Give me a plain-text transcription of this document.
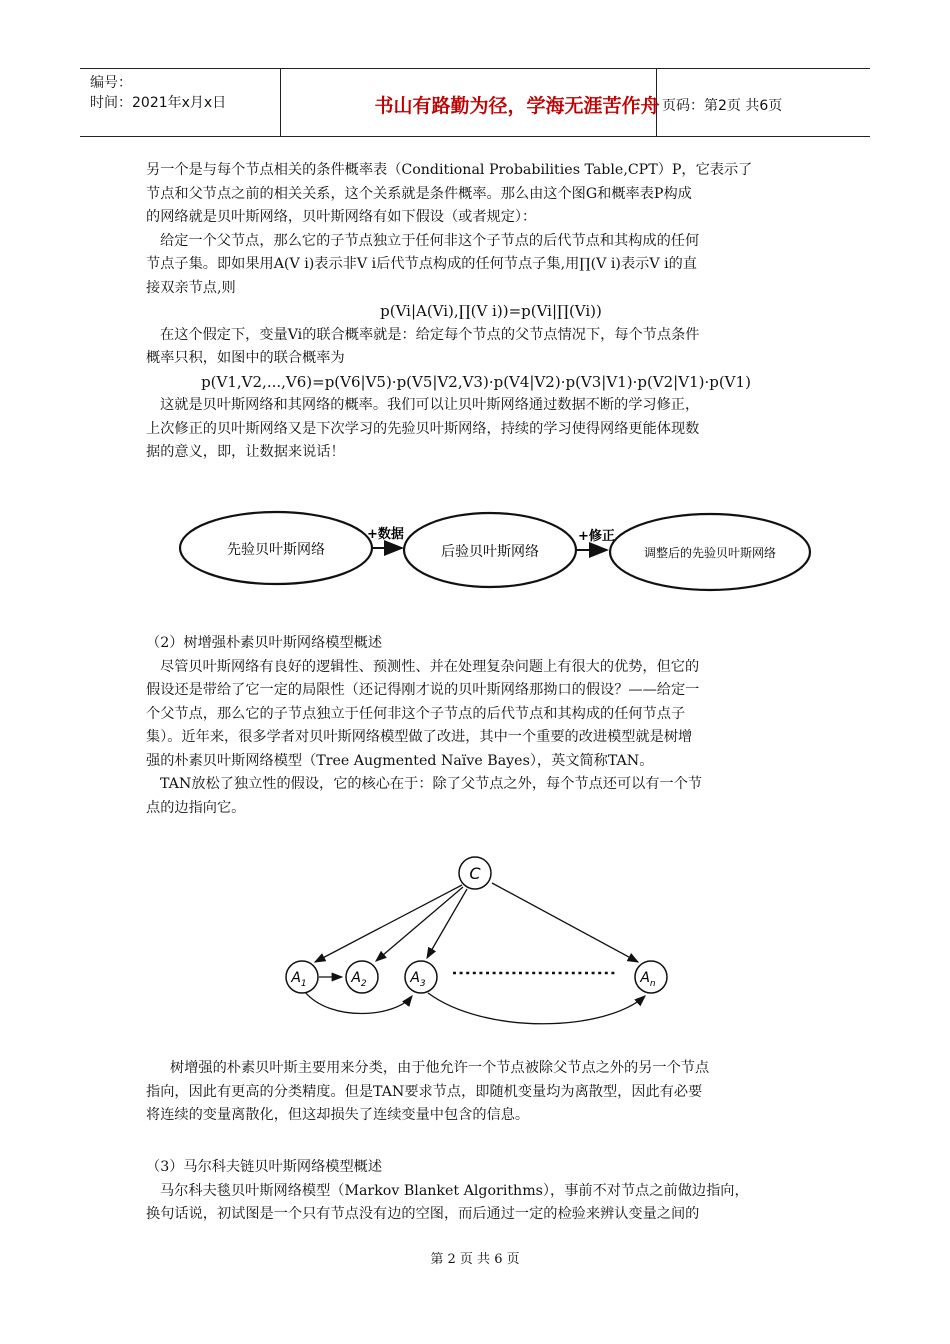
编号：
时间：2021年x月x日	书山有路勤为径，学海无涯苦作舟 页码：第2页 共6页

另一个是与每个节点相关的条件概率表（Conditional Probabilities Table,CPT）P，它表示了

节点和父节点之前的相关关系，这个关系就是条件概率。那么由这个图G和概率表P构成

的网络就是贝叶斯网络，贝叶斯网络有如下假设（或者规定）：

给定一个父节点，那么它的子节点独立于任何非这个子节点的后代节点和其构成的任何

节点子集。即如果用A(V i)表示非V i后代节点构成的任何节点子集,用∏(V i)表示V i的直

接双亲节点,则

p(Vi|A(Vi),∏(V i))=p(Vi|∏(Vi))

在这个假定下，变量Vi的联合概率就是：给定每个节点的父节点情况下，每个节点条件

概率只积，如图中的联合概率为

p(V1,V2,...,V6)=p(V6|V5)·p(V5|V2,V3)·p(V4|V2)·p(V3|V1)·p(V2|V1)·p(V1)

这就是贝叶斯网络和其网络的概率。我们可以让贝叶斯网络通过数据不断的学习修正，

上次修正的贝叶斯网络又是下次学习的先验贝叶斯网络，持续的学习使得网络更能体现数

据的意义，即，让数据来说话！

先验贝叶斯网络
+数据
后验贝叶斯网络
+修正
调整后的先验贝叶斯网络

（2）树增强朴素贝叶斯网络模型概述

尽管贝叶斯网络有良好的逻辑性、预测性、并在处理复杂问题上有很大的优势，但它的

假设还是带给了它一定的局限性（还记得刚才说的贝叶斯网络那拗口的假设？——给定一

个父节点，那么它的子节点独立于任何非这个子节点的后代节点和其构成的任何节点子

集）。近年来，很多学者对贝叶斯网络模型做了改进，其中一个重要的改进模型就是树增

强的朴素贝叶斯网络模型（Tree Augmented Naïve Bayes），英文简称TAN。

TAN放松了独立性的假设，它的核心在于：除了父节点之外，每个节点还可以有一个节

点的边指向它。

C
$A_1$	$A_2$	$A_3$	$A_n$

树增强的朴素贝叶斯主要用来分类，由于他允许一个节点被除父节点之外的另一个节点

指向，因此有更高的分类精度。但是TAN要求节点，即随机变量均为离散型，因此有必要

将连续的变量离散化，但这却损失了连续变量中包含的信息。

（3）马尔科夫链贝叶斯网络模型概述

马尔科夫毯贝叶斯网络模型（Markov Blanket Algorithms），事前不对节点之前做边指向，

换句话说，初试图是一个只有节点没有边的空图，而后通过一定的检验来辨认变量之间的

第 2 页 共 6 页
